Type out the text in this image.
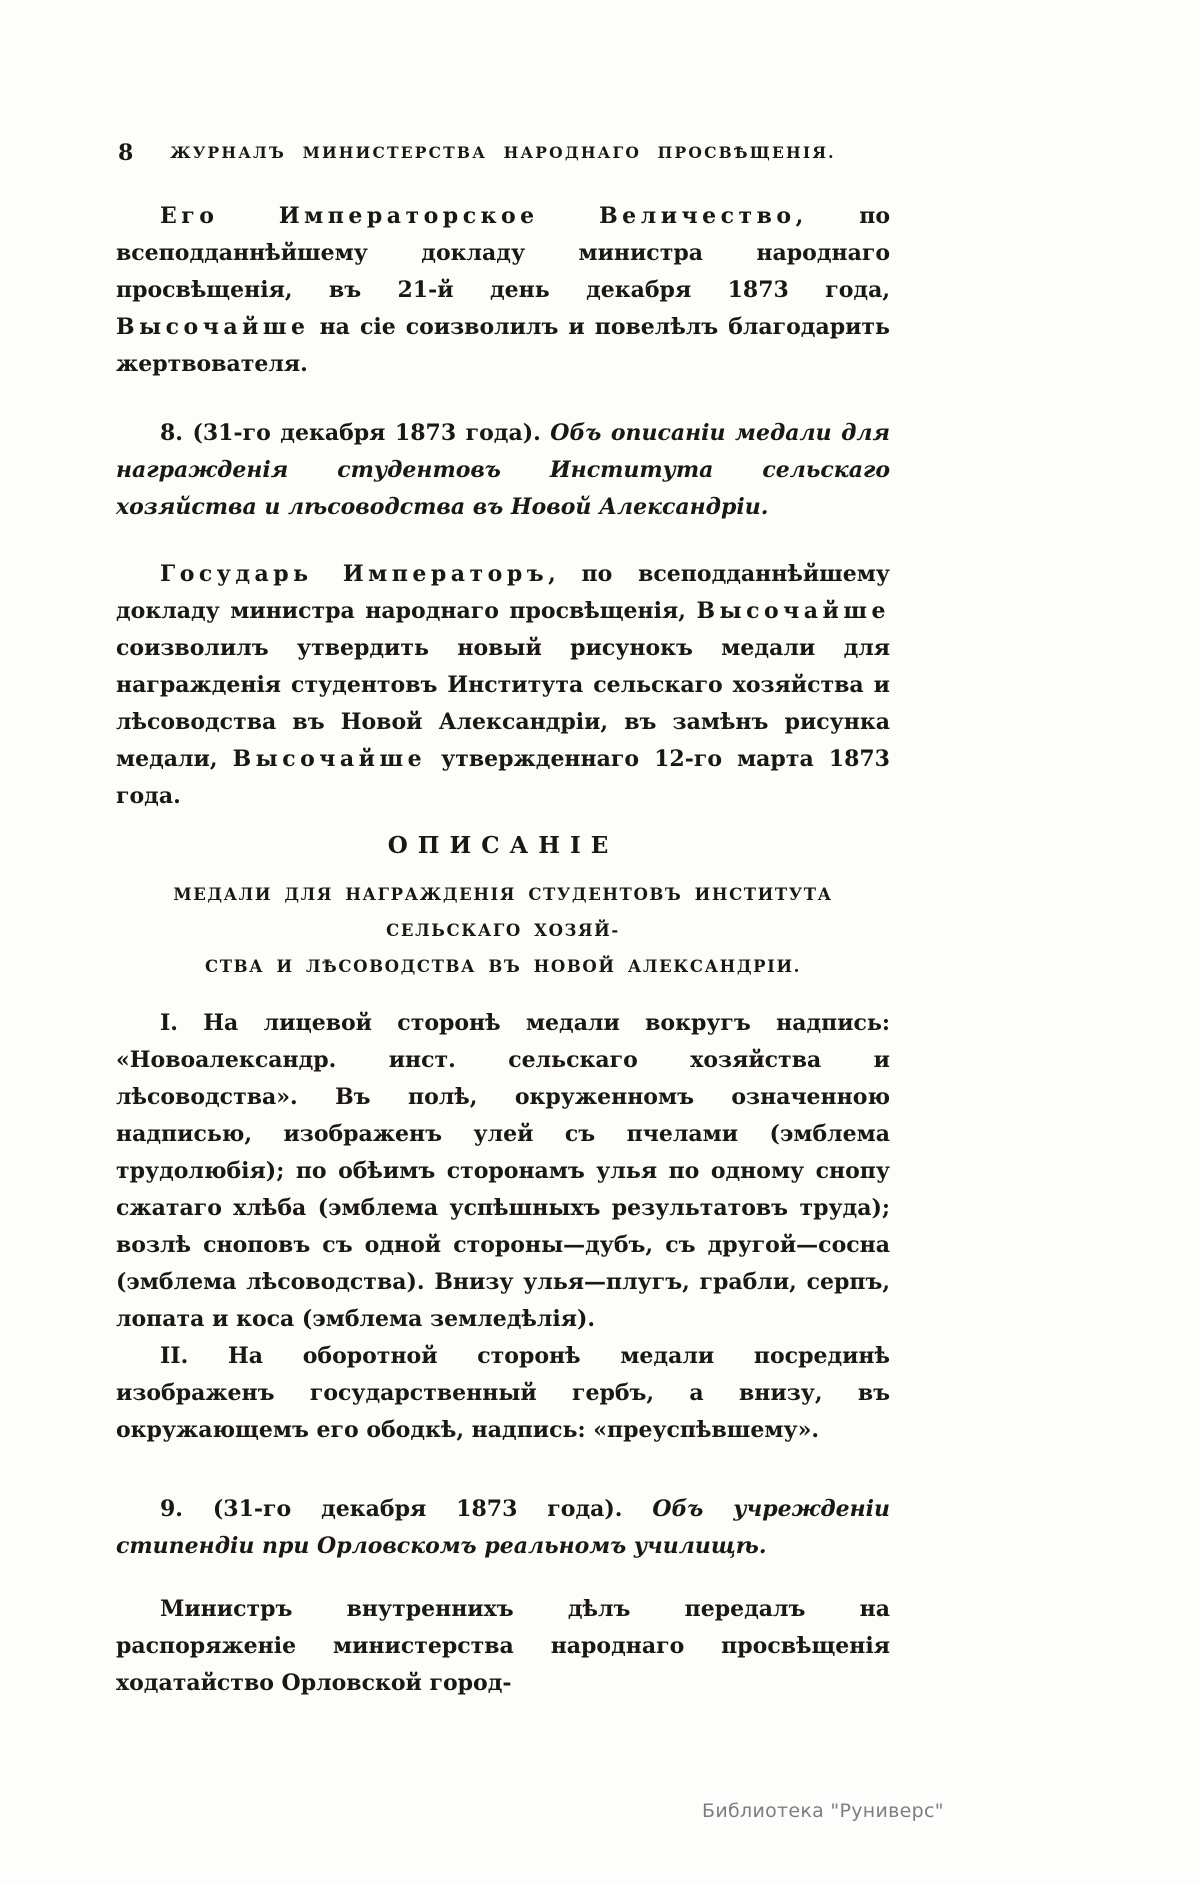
8	ЖУРНАЛЪ МИНИСТЕРСТВА НАРОДНАГО ПРОСВѢЩЕНІЯ.

Его Императорское Величество, по всеподданнѣйшему докладу министра народнаго просвѣщенія, въ 21-й день декабря 1873 года, Высочайше на сіе соизволилъ и повелѣлъ благодарить жертвователя.

8. (31-го декабря 1873 года). Объ описаніи медали для награжденія студентовъ Института сельскаго хозяйства и лѣсоводства въ Новой Александріи.

Государь Императоръ, по всеподданнѣйшему докладу министра народнаго просвѣщенія, Высочайше соизволилъ утвердить новый рисунокъ медали для награжденія студентовъ Института сельскаго хозяйства и лѣсоводства въ Новой Александріи, въ замѣнъ рисунка медали, Высочайше утвержденнаго 12-го марта 1873 года.

ОПИСАНІЕ
МЕДАЛИ ДЛЯ НАГРАЖДЕНІЯ СТУДЕНТОВЪ ИНСТИТУТА СЕЛЬСКАГО ХОЗЯЙ-
СТВА И ЛѢСОВОДСТВА ВЪ НОВОЙ АЛЕКСАНДРІИ.

I. На лицевой сторонѣ медали вокругъ надпись: «Новоалександр. инст. сельскаго хозяйства и лѣсоводства». Въ полѣ, окруженномъ означенною надписью, изображенъ улей съ пчелами (эмблема трудолюбія); по обѣимъ сторонамъ улья по одному снопу сжатаго хлѣба (эмблема успѣшныхъ результатовъ труда); возлѣ сноповъ съ одной стороны—дубъ, съ другой—сосна (эмблема лѣсоводства). Внизу улья—плугъ, грабли, серпъ, лопата и коса (эмблема земледѣлія).

II. На оборотной сторонѣ медали посрединѣ изображенъ государственный гербъ, а внизу, въ окружающемъ его ободкѣ, надпись: «преуспѣвшему».

9. (31-го декабря 1873 года). Объ учрежденіи стипендіи при Орловскомъ реальномъ училищѣ.

Министръ внутреннихъ дѣлъ передалъ на распоряженіе министерства народнаго просвѣщенія ходатайство Орловской город-

Библиотека "Руниверс"
